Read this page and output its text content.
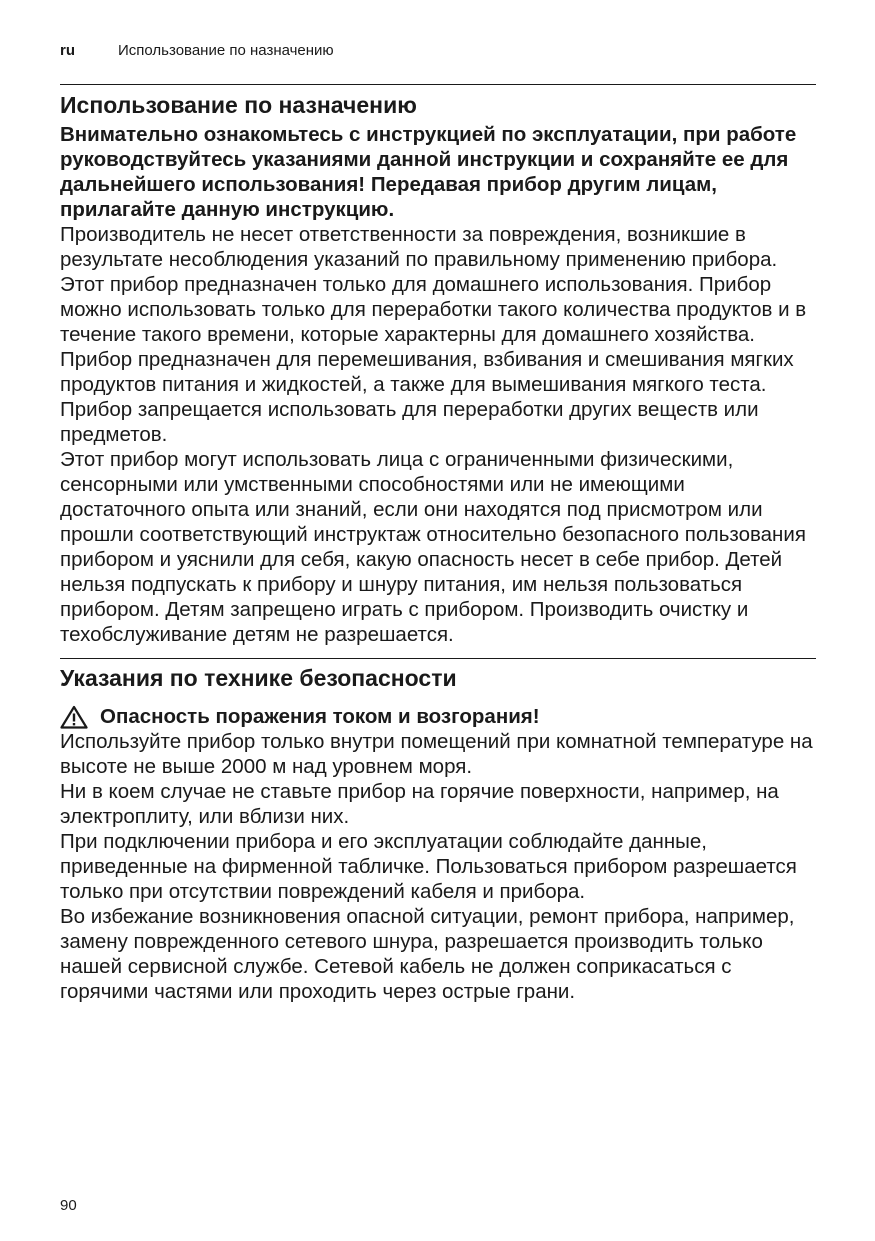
ru	Использование по назначению
Использование по назначению

Внимательно ознакомьтесь с инструкцией по эксплуатации, при работе руководствуйтесь указаниями данной инструкции и сохраняйте ее для дальнейшего использования! Передавая прибор другим лицам, прилагайте данную инструкцию.

Производитель не несет ответственности за повреждения, возникшие в результате несоблюдения указаний по правильному применению прибора.

Этот прибор предназначен только для домашнего использования. Прибор можно использовать только для переработки такого количества продуктов и в течение такого времени, которые характерны для домашнего хозяйства.

Прибор предназначен для перемешивания, взбивания и смешивания мягких продуктов питания и жидкостей, а также для вымешивания мягкого теста. Прибор запрещается использовать для переработки других веществ или предметов.

Этот прибор могут использовать лица с ограниченными физическими, сенсорными или умственными способностями или не имеющими достаточного опыта или знаний, если они находятся под присмотром или прошли соответствующий инструктаж относительно безопасного пользования прибором и уяснили для себя, какую опасность несет в себе прибор. Детей нельзя подпускать к прибору и шнуру питания, им нельзя пользоваться прибором. Детям запрещено играть с прибором. Производить очистку и техобслуживание детям не разрешается.

Указания по технике безопасности
Опасность поражения током и возгорания!

Используйте прибор только внутри помещений при комнатной температуре на высоте не выше 2000 м над уровнем моря.

Ни в коем случае не ставьте прибор на горячие поверхности, например, на электроплиту, или вблизи них.

При подключении прибора и его эксплуатации соблюдайте данные, приведенные на фирменной табличке. Пользоваться прибором разрешается только при отсутствии повреждений кабеля и прибора.

Во избежание возникновения опасной ситуации, ремонт прибора, например, замену поврежденного сетевого шнура, разрешается производить только нашей сервисной службе. Сетевой кабель не должен соприкасаться с горячими частями или проходить через острые грани.

90
